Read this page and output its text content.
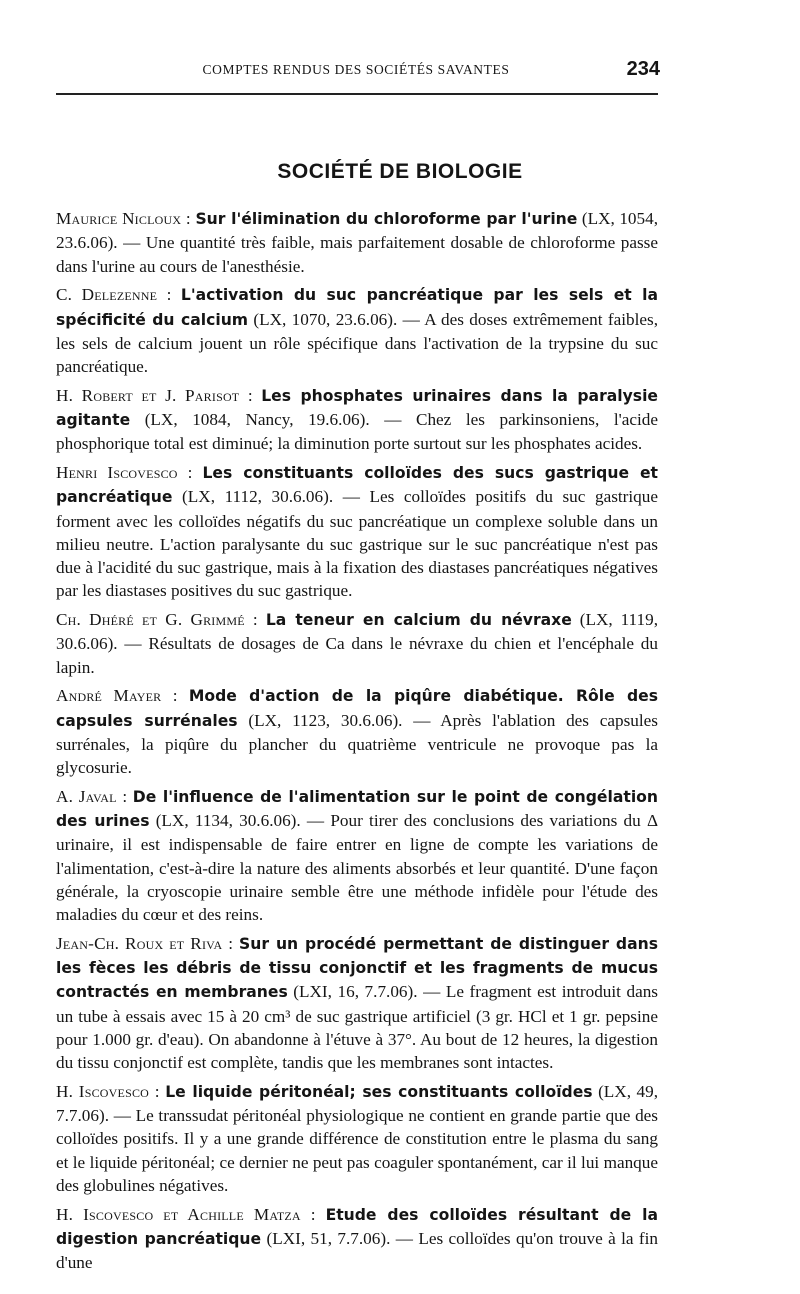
COMPTES RENDUS DES SOCIÉTÉS SAVANTES	234
SOCIÉTÉ DE BIOLOGIE

Maurice Nicloux : Sur l'élimination du chloroforme par l'urine (LX, 1054, 23.6.06). — Une quantité très faible, mais parfaitement dosable de chloroforme passe dans l'urine au cours de l'anesthésie.

C. Delezenne : L'activation du suc pancréatique par les sels et la spécificité du calcium (LX, 1070, 23.6.06). — A des doses extrêmement faibles, les sels de calcium jouent un rôle spécifique dans l'activation de la trypsine du suc pancréatique.

H. Robert et J. Parisot : Les phosphates urinaires dans la paralysie agitante (LX, 1084, Nancy, 19.6.06). — Chez les parkinsoniens, l'acide phosphorique total est diminué; la diminution porte surtout sur les phosphates acides.

Henri Iscovesco : Les constituants colloïdes des sucs gastrique et pancréatique (LX, 1112, 30.6.06). — Les colloïdes positifs du suc gastrique forment avec les colloïdes négatifs du suc pancréatique un complexe soluble dans un milieu neutre. L'action paralysante du suc gastrique sur le suc pancréatique n'est pas due à l'acidité du suc gastrique, mais à la fixation des diastases pancréatiques négatives par les diastases positives du suc gastrique.

Ch. Dhéré et G. Grimmé : La teneur en calcium du névraxe (LX, 1119, 30.6.06). — Résultats de dosages de Ca dans le névraxe du chien et l'encéphale du lapin.

André Mayer : Mode d'action de la piqûre diabétique. Rôle des capsules surrénales (LX, 1123, 30.6.06). — Après l'ablation des capsules surrénales, la piqûre du plancher du quatrième ventricule ne provoque pas la glycosurie.

A. Javal : De l'influence de l'alimentation sur le point de congélation des urines (LX, 1134, 30.6.06). — Pour tirer des conclusions des variations du Δ urinaire, il est indispensable de faire entrer en ligne de compte les variations de l'alimentation, c'est-à-dire la nature des aliments absorbés et leur quantité. D'une façon générale, la cryoscopie urinaire semble être une méthode infidèle pour l'étude des maladies du cœur et des reins.

Jean-Ch. Roux et Riva : Sur un procédé permettant de distinguer dans les fèces les débris de tissu conjonctif et les fragments de mucus contractés en membranes (LXI, 16, 7.7.06). — Le fragment est introduit dans un tube à essais avec 15 à 20 cm³ de suc gastrique artificiel (3 gr. HCl et 1 gr. pepsine pour 1.000 gr. d'eau). On abandonne à l'étuve à 37°. Au bout de 12 heures, la digestion du tissu conjonctif est complète, tandis que les membranes sont intactes.

H. Iscovesco : Le liquide péritonéal; ses constituants colloïdes (LX, 49, 7.7.06). — Le transsudat péritonéal physiologique ne contient en grande partie que des colloïdes positifs. Il y a une grande différence de constitution entre le plasma du sang et le liquide péritonéal; ce dernier ne peut pas coaguler spontanément, car il lui manque des globulines négatives.

H. Iscovesco et Achille Matza : Etude des colloïdes résultant de la digestion pancréatique (LXI, 51, 7.7.06). — Les colloïdes qu'on trouve à la fin d'une
